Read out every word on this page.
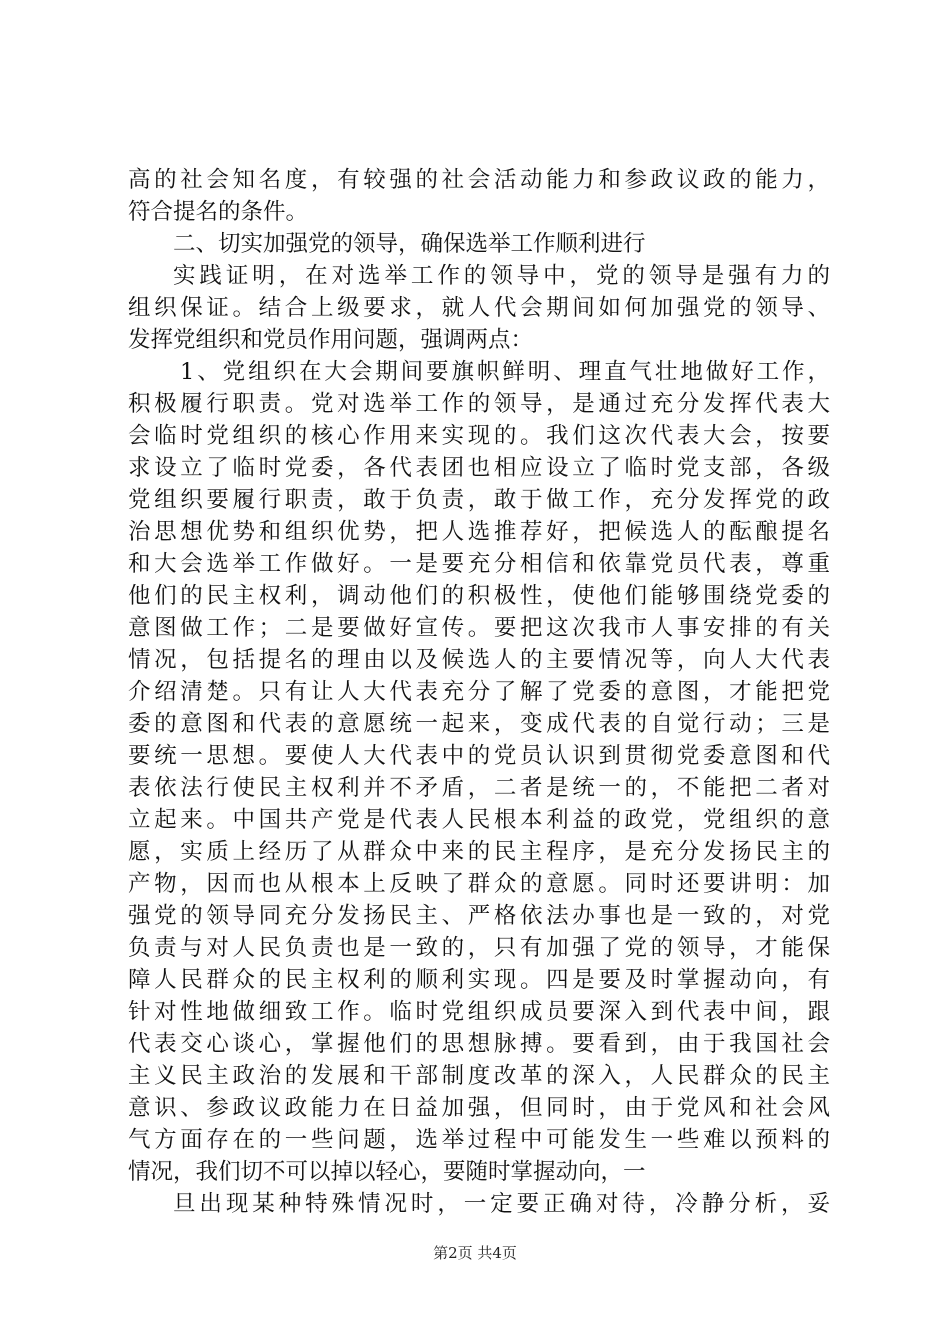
高的社会知名度，有较强的社会活动能力和参政议政的能力，
符合提名的条件。
二、切实加强党的领导，确保选举工作顺利进行
实践证明，在对选举工作的领导中，党的领导是强有力的
组织保证。结合上级要求，就人代会期间如何加强党的领导、
发挥党组织和党员作用问题，强调两点：
1、党组织在大会期间要旗帜鲜明、理直气壮地做好工作，
积极履行职责。党对选举工作的领导，是通过充分发挥代表大
会临时党组织的核心作用来实现的。我们这次代表大会，按要
求设立了临时党委，各代表团也相应设立了临时党支部，各级
党组织要履行职责，敢于负责，敢于做工作，充分发挥党的政
治思想优势和组织优势，把人选推荐好，把候选人的酝酿提名
和大会选举工作做好。一是要充分相信和依靠党员代表，尊重
他们的民主权利，调动他们的积极性，使他们能够围绕党委的
意图做工作；二是要做好宣传。要把这次我市人事安排的有关
情况，包括提名的理由以及候选人的主要情况等，向人大代表
介绍清楚。只有让人大代表充分了解了党委的意图，才能把党
委的意图和代表的意愿统一起来，变成代表的自觉行动；三是
要统一思想。要使人大代表中的党员认识到贯彻党委意图和代
表依法行使民主权利并不矛盾，二者是统一的，不能把二者对
立起来。中国共产党是代表人民根本利益的政党，党组织的意
愿，实质上经历了从群众中来的民主程序，是充分发扬民主的
产物，因而也从根本上反映了群众的意愿。同时还要讲明：加
强党的领导同充分发扬民主、严格依法办事也是一致的，对党
负责与对人民负责也是一致的，只有加强了党的领导，才能保
障人民群众的民主权利的顺利实现。四是要及时掌握动向，有
针对性地做细致工作。临时党组织成员要深入到代表中间，跟
代表交心谈心，掌握他们的思想脉搏。要看到，由于我国社会
主义民主政治的发展和干部制度改革的深入，人民群众的民主
意识、参政议政能力在日益加强，但同时，由于党风和社会风
气方面存在的一些问题，选举过程中可能发生一些难以预料的
情况，我们切不可以掉以轻心，要随时掌握动向，一
旦出现某种特殊情况时，一定要正确对待，冷静分析，妥
第2页 共4页
